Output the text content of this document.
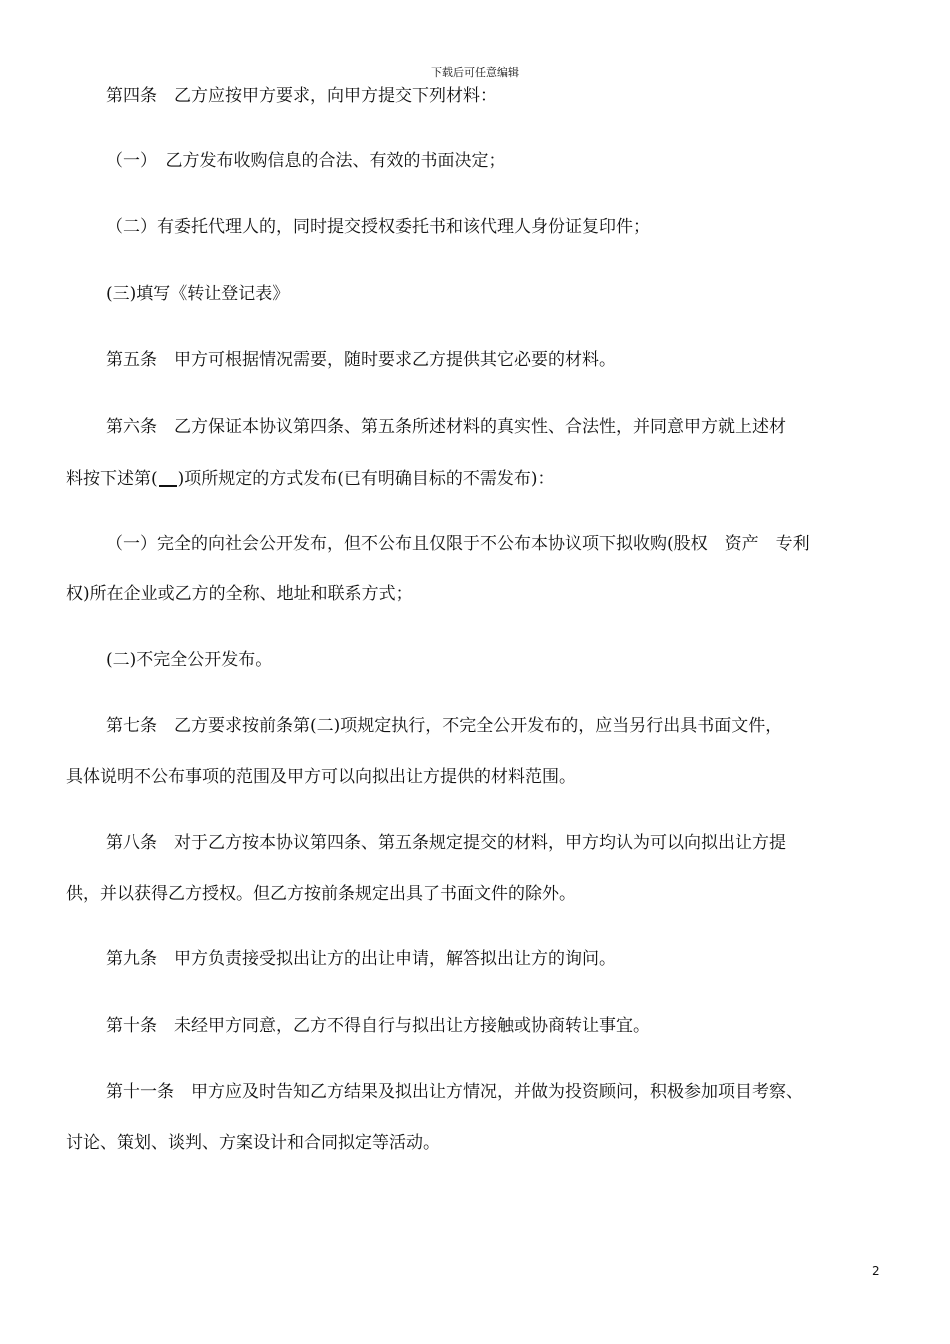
下载后可任意编辑
第四条　乙方应按甲方要求，向甲方提交下列材料：
（一）　乙方发布收购信息的合法、有效的书面决定；
（二）有委托代理人的，同时提交授权委托书和该代理人身份证复印件；
(三)填写《转让登记表》
第五条　甲方可根据情况需要，随时要求乙方提供其它必要的材料。
第六条　乙方保证本协议第四条、第五条所述材料的真实性、合法性，并同意甲方就上述材
料按下述第( )项所规定的方式发布(已有明确目标的不需发布)：
（一）完全的向社会公开发布，但不公布且仅限于不公布本协议项下拟收购(股权　资产　专利
权)所在企业或乙方的全称、地址和联系方式；
(二)不完全公开发布。
第七条　乙方要求按前条第(二)项规定执行，不完全公开发布的，应当另行出具书面文件，
具体说明不公布事项的范围及甲方可以向拟出让方提供的材料范围。
第八条　对于乙方按本协议第四条、第五条规定提交的材料，甲方均认为可以向拟出让方提
供，并以获得乙方授权。但乙方按前条规定出具了书面文件的除外。
第九条　甲方负责接受拟出让方的出让申请，解答拟出让方的询问。
第十条　未经甲方同意，乙方不得自行与拟出让方接触或协商转让事宜。
第十一条　甲方应及时告知乙方结果及拟出让方情况，并做为投资顾问，积极参加项目考察、
讨论、策划、谈判、方案设计和合同拟定等活动。
2
